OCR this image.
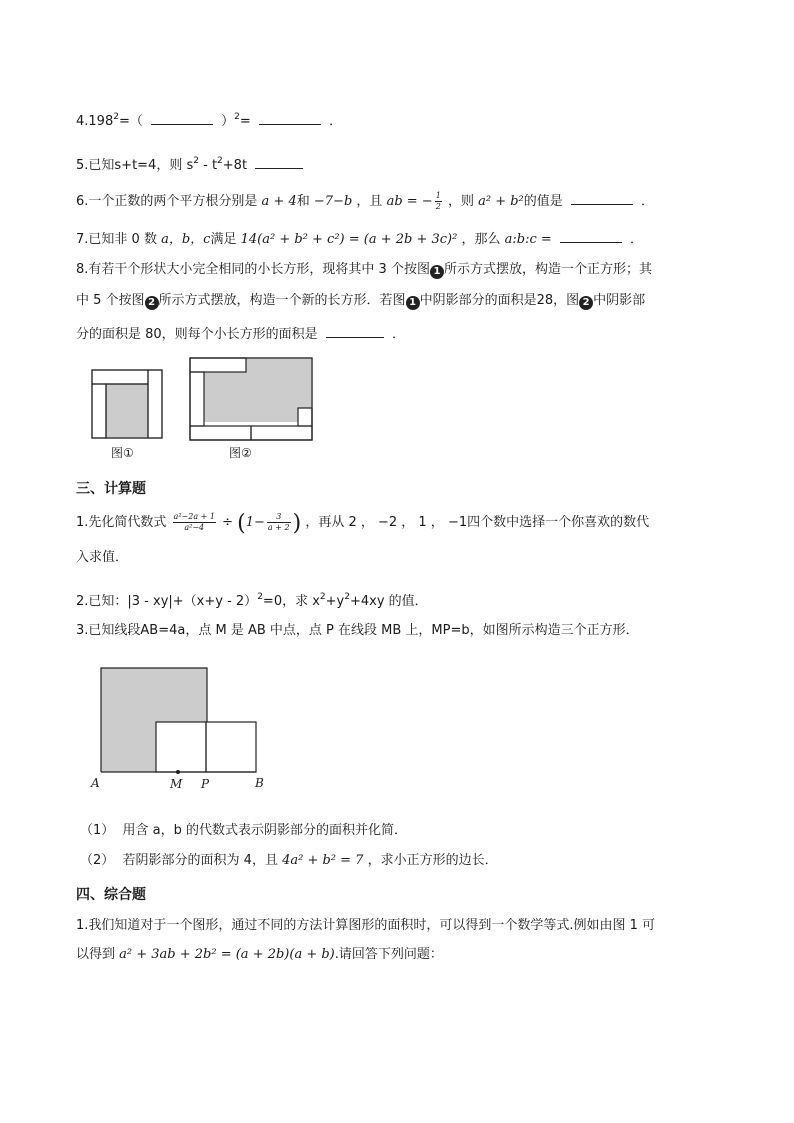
$4.198^2=$（	）$^2$=	．
5.已知s+t=4，则 $s^2 - t^2+8t$
6.一个正数的两个平方根分别是 a + 4和 −7−b ，且 ab = − $\frac{1}{2}$ ，则 a² + b²的值是	．
7.已知非 0 数 a，b，c满足 14(a² + b² + c²) = (a + 2b + 3c)² ，那么 a:b:c =	．
8.有若干个形状大小完全相同的小长方形，现将其中 3 个按图 1 所示方式摆放，构造一个正方形；其
中 5 个按图 2 所示方式摆放，构造一个新的长方形．若图 1 中阴影部分的面积是28，图 2 中阴影部
分的面积是 80，则每个小长方形的面积是	．
图①	图②
三、计算题
1.先化简代数式 $\frac{\text{a²−2a + 1}}{\text{a²−4}} \div (1- \frac{3}{a + 2}$ ) ，再从 2 ， −2 ， 1 ， −1四个数中选择一个你喜欢的数代
入求值．
2.已知：$|3 - xy|+(x+y - 2)^2=0$，求 $x^2+y^2+4xy$ 的值．
3.已知线段AB=4a，点 M 是 AB 中点，点 P 在线段 MB 上，MP=b，如图所示构造三个正方形．
A	M P	B
（1） 用含 a，b 的代数式表示阴影部分的面积并化简．
（2） 若阴影部分的面积为 4，且 4a² + b² = 7 ，求小正方形的边长．
四、综合题
1.我们知道对于一个图形，通过不同的方法计算图形的面积时，可以得到一个数学等式.例如由图 1 可
以得到 a² + 3ab + 2b² = (a + 2b)(a + b).请回答下列问题：
